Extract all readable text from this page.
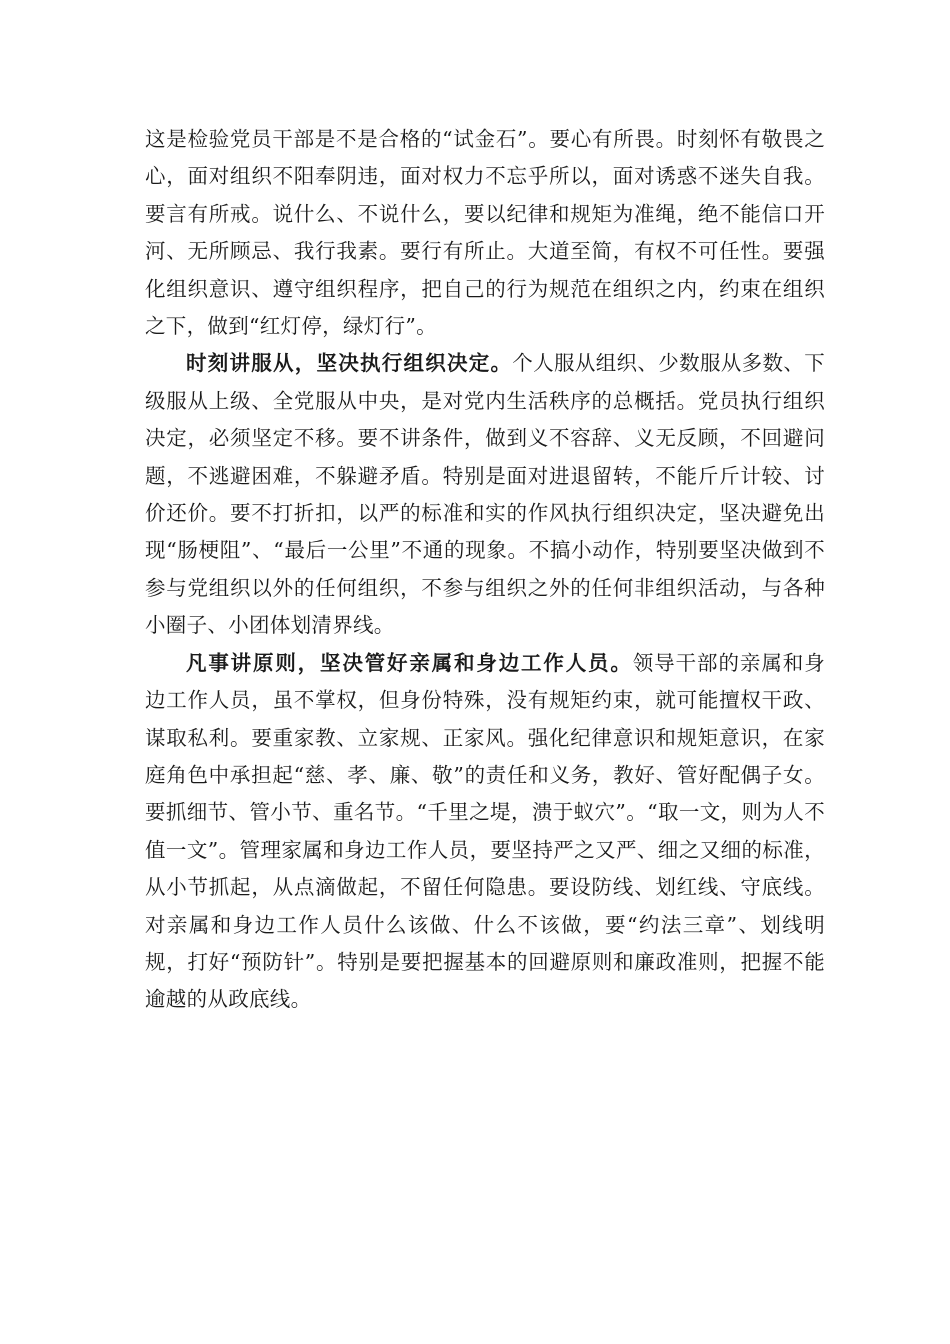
这是检验党员干部是不是合格的“试金石”。要心有所畏。时刻怀有敬畏之心，面对组织不阳奉阴违，面对权力不忘乎所以，面对诱惑不迷失自我。要言有所戒。说什么、不说什么，要以纪律和规矩为准绳，绝不能信口开河、无所顾忌、我行我素。要行有所止。大道至简，有权不可任性。要强化组织意识、遵守组织程序，把自己的行为规范在组织之内，约束在组织之下，做到“红灯停，绿灯行”。

时刻讲服从，坚决执行组织决定。个人服从组织、少数服从多数、下级服从上级、全党服从中央，是对党内生活秩序的总概括。党员执行组织决定，必须坚定不移。要不讲条件，做到义不容辞、义无反顾，不回避问题，不逃避困难，不躲避矛盾。特别是面对进退留转，不能斤斤计较、讨价还价。要不打折扣，以严的标准和实的作风执行组织决定，坚决避免出现“肠梗阻”、“最后一公里”不通的现象。不搞小动作，特别要坚决做到不参与党组织以外的任何组织，不参与组织之外的任何非组织活动，与各种小圈子、小团体划清界线。

凡事讲原则，坚决管好亲属和身边工作人员。领导干部的亲属和身边工作人员，虽不掌权，但身份特殊，没有规矩约束，就可能擅权干政、谋取私利。要重家教、立家规、正家风。强化纪律意识和规矩意识，在家庭角色中承担起“慈、孝、廉、敬”的责任和义务，教好、管好配偶子女。要抓细节、管小节、重名节。“千里之堤，溃于蚁穴”。“取一文，则为人不值一文”。管理家属和身边工作人员，要坚持严之又严、细之又细的标准，从小节抓起，从点滴做起，不留任何隐患。要设防线、划红线、守底线。对亲属和身边工作人员什么该做、什么不该做，要“约法三章”、划线明规，打好“预防针”。特别是要把握基本的回避原则和廉政准则，把握不能逾越的从政底线。
